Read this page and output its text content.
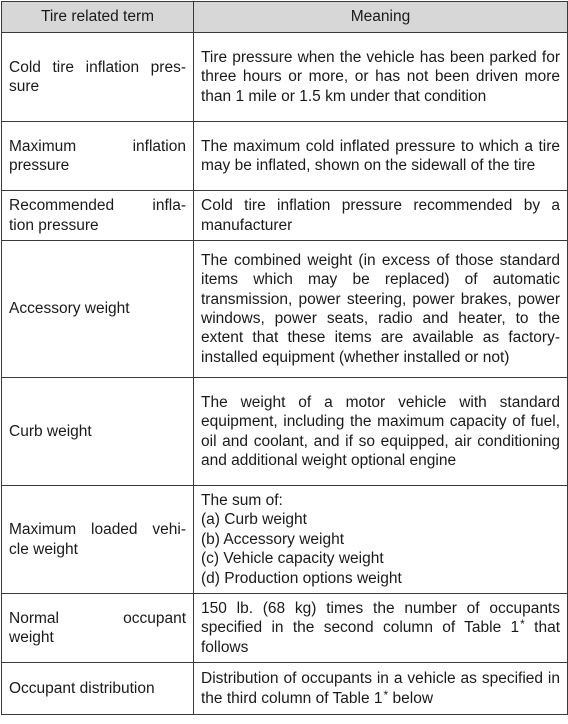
Tire related term	Meaning

Cold tire inflation pres-
sure	Tire pressure when the vehicle has been parked for three hours or more, or has not been driven more than 1 mile or 1.5 km under that condition

Maximum inflation
pressure	The maximum cold inflated pressure to which a tire may be inflated, shown on the sidewall of the tire

Recommended infla-
tion pressure	Cold tire inflation pressure recommended by a manufacturer

Accessory weight	The combined weight (in excess of those standard items which may be replaced) of automatic transmission, power steering, power brakes, power windows, power seats, radio and heater, to the extent that these items are available as factory-installed equipment (whether installed or not)

Curb weight	The weight of a motor vehicle with standard equipment, including the maximum capacity of fuel, oil and coolant, and if so equipped, air conditioning and additional weight optional engine

Maximum loaded vehi-
cle weight	The sum of:
(a) Curb weight
(b) Accessory weight
(c) Vehicle capacity weight
(d) Production options weight

Normal occupant
weight	150 lb. (68 kg) times the number of occupants specified in the second column of Table 1* that follows

Occupant distribution	Distribution of occupants in a vehicle as specified in the third column of Table 1* below
